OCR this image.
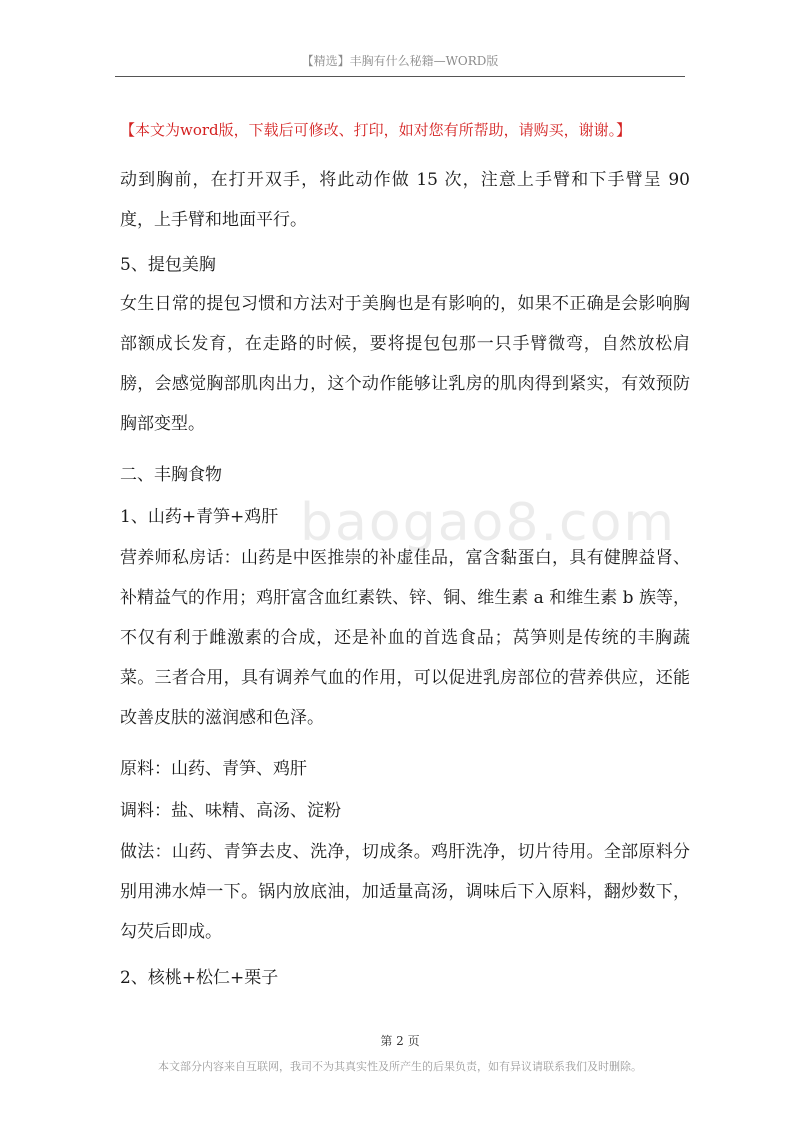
【精选】丰胸有什么秘籍—WORD版
【本文为word版，下载后可修改、打印，如对您有所帮助，请购买，谢谢。】
baogao8.com
动到胸前，在打开双手，将此动作做 15 次，注意上手臂和下手臂呈 90 度，上手臂和地面平行。
5、提包美胸
女生日常的提包习惯和方法对于美胸也是有影响的，如果不正确是会影响胸部额成长发育，在走路的时候，要将提包包那一只手臂微弯，自然放松肩膀，会感觉胸部肌肉出力，这个动作能够让乳房的肌肉得到紧实，有效预防胸部变型。
二、丰胸食物
1、山药+青笋+鸡肝
营养师私房话：山药是中医推崇的补虚佳品，富含黏蛋白，具有健脾益肾、补精益气的作用；鸡肝富含血红素铁、锌、铜、维生素 a 和维生素 b 族等，不仅有利于雌激素的合成，还是补血的首选食品；莴笋则是传统的丰胸蔬菜。三者合用，具有调养气血的作用，可以促进乳房部位的营养供应，还能改善皮肤的滋润感和色泽。
原料：山药、青笋、鸡肝
调料：盐、味精、高汤、淀粉
做法：山药、青笋去皮、洗净，切成条。鸡肝洗净，切片待用。全部原料分别用沸水焯一下。锅内放底油，加适量高汤，调味后下入原料，翻炒数下，勾芡后即成。
2、核桃+松仁+栗子
第 2 页
本文部分内容来自互联网，我司不为其真实性及所产生的后果负责，如有异议请联系我们及时删除。
